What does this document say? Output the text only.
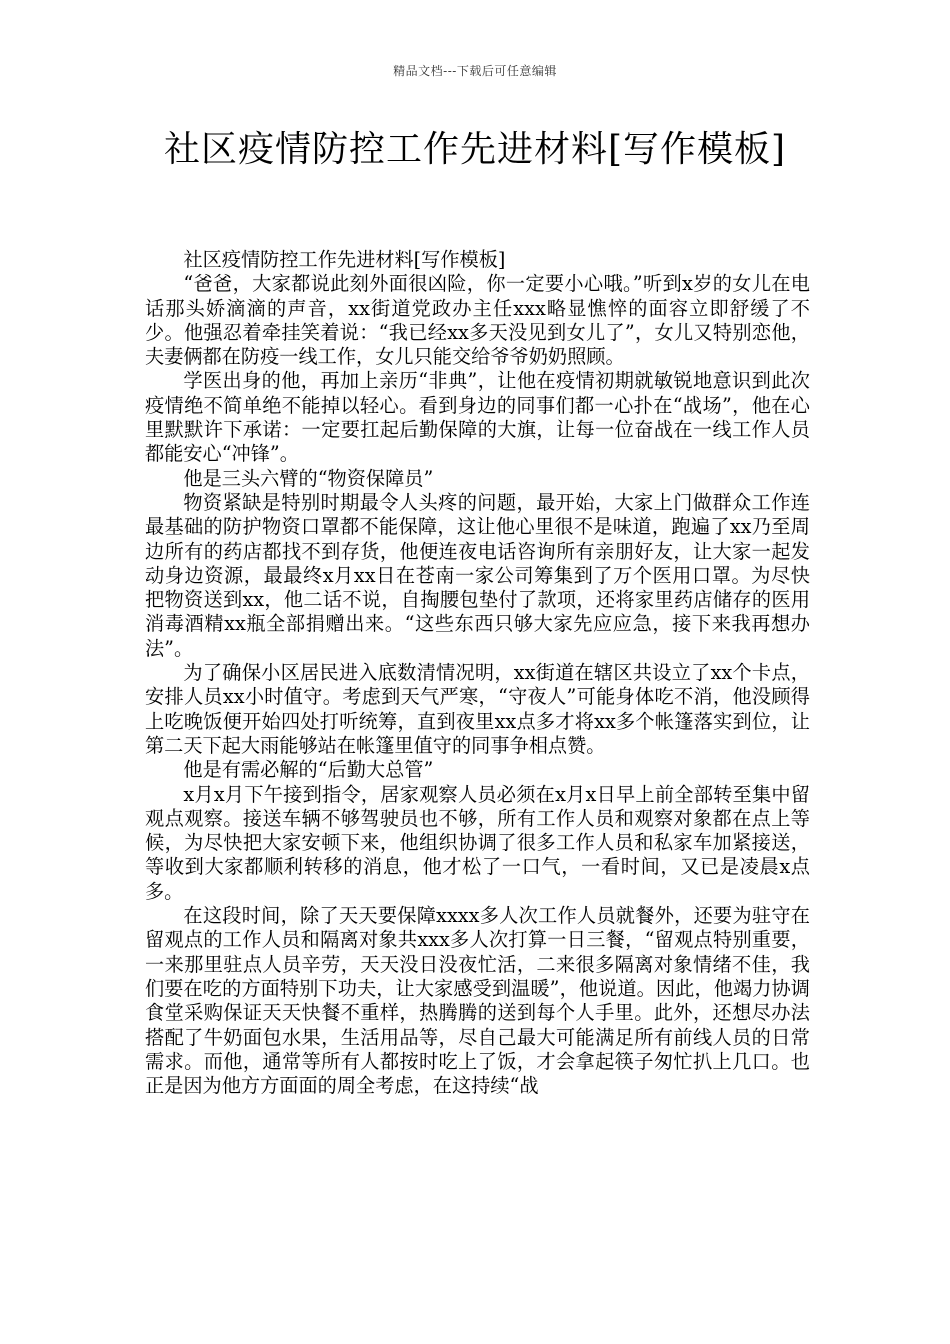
精品文档---下载后可任意编辑
社区疫情防控工作先进材料[写作模板]

社区疫情防控工作先进材料[写作模板]

“爸爸，大家都说此刻外面很凶险，你一定要小心哦。”听到x岁的女儿在电话那头娇滴滴的声音，xx街道党政办主任xxx略显憔悴的面容立即舒缓了不少。他强忍着牵挂笑着说：“我已经xx多天没见到女儿了”，女儿又特别恋他，夫妻俩都在防疫一线工作，女儿只能交给爷爷奶奶照顾。

学医出身的他，再加上亲历“非典”，让他在疫情初期就敏锐地意识到此次疫情绝不简单绝不能掉以轻心。看到身边的同事们都一心扑在“战场”，他在心里默默许下承诺：一定要扛起后勤保障的大旗，让每一位奋战在一线工作人员都能安心“冲锋”。

他是三头六臂的“物资保障员”

物资紧缺是特别时期最令人头疼的问题，最开始，大家上门做群众工作连最基础的防护物资口罩都不能保障，这让他心里很不是味道，跑遍了xx乃至周边所有的药店都找不到存货，他便连夜电话咨询所有亲朋好友，让大家一起发动身边资源，最最终x月xx日在苍南一家公司筹集到了万个医用口罩。为尽快把物资送到xx，他二话不说，自掏腰包垫付了款项，还将家里药店储存的医用消毒酒精xx瓶全部捐赠出来。“这些东西只够大家先应应急，接下来我再想办法”。

为了确保小区居民进入底数清情况明，xx街道在辖区共设立了xx个卡点，安排人员xx小时值守。考虑到天气严寒，“守夜人”可能身体吃不消，他没顾得上吃晚饭便开始四处打听统筹，直到夜里xx点多才将xx多个帐篷落实到位，让第二天下起大雨能够站在帐篷里值守的同事争相点赞。

他是有需必解的“后勤大总管”

x月x月下午接到指令，居家观察人员必须在x月x日早上前全部转至集中留观点观察。接送车辆不够驾驶员也不够，所有工作人员和观察对象都在点上等候，为尽快把大家安顿下来，他组织协调了很多工作人员和私家车加紧接送，等收到大家都顺利转移的消息，他才松了一口气，一看时间，又已是凌晨x点多。

在这段时间，除了天天要保障xxxx多人次工作人员就餐外，还要为驻守在留观点的工作人员和隔离对象共xxx多人次打算一日三餐，“留观点特别重要，一来那里驻点人员辛劳，天天没日没夜忙活，二来很多隔离对象情绪不佳，我们要在吃的方面特别下功夫，让大家感受到温暖”，他说道。因此，他竭力协调食堂采购保证天天快餐不重样，热腾腾的送到每个人手里。此外，还想尽办法搭配了牛奶面包水果，生活用品等，尽自己最大可能满足所有前线人员的日常需求。而他，通常等所有人都按时吃上了饭，才会拿起筷子匆忙扒上几口。也正是因为他方方面面的周全考虑，在这持续“战
